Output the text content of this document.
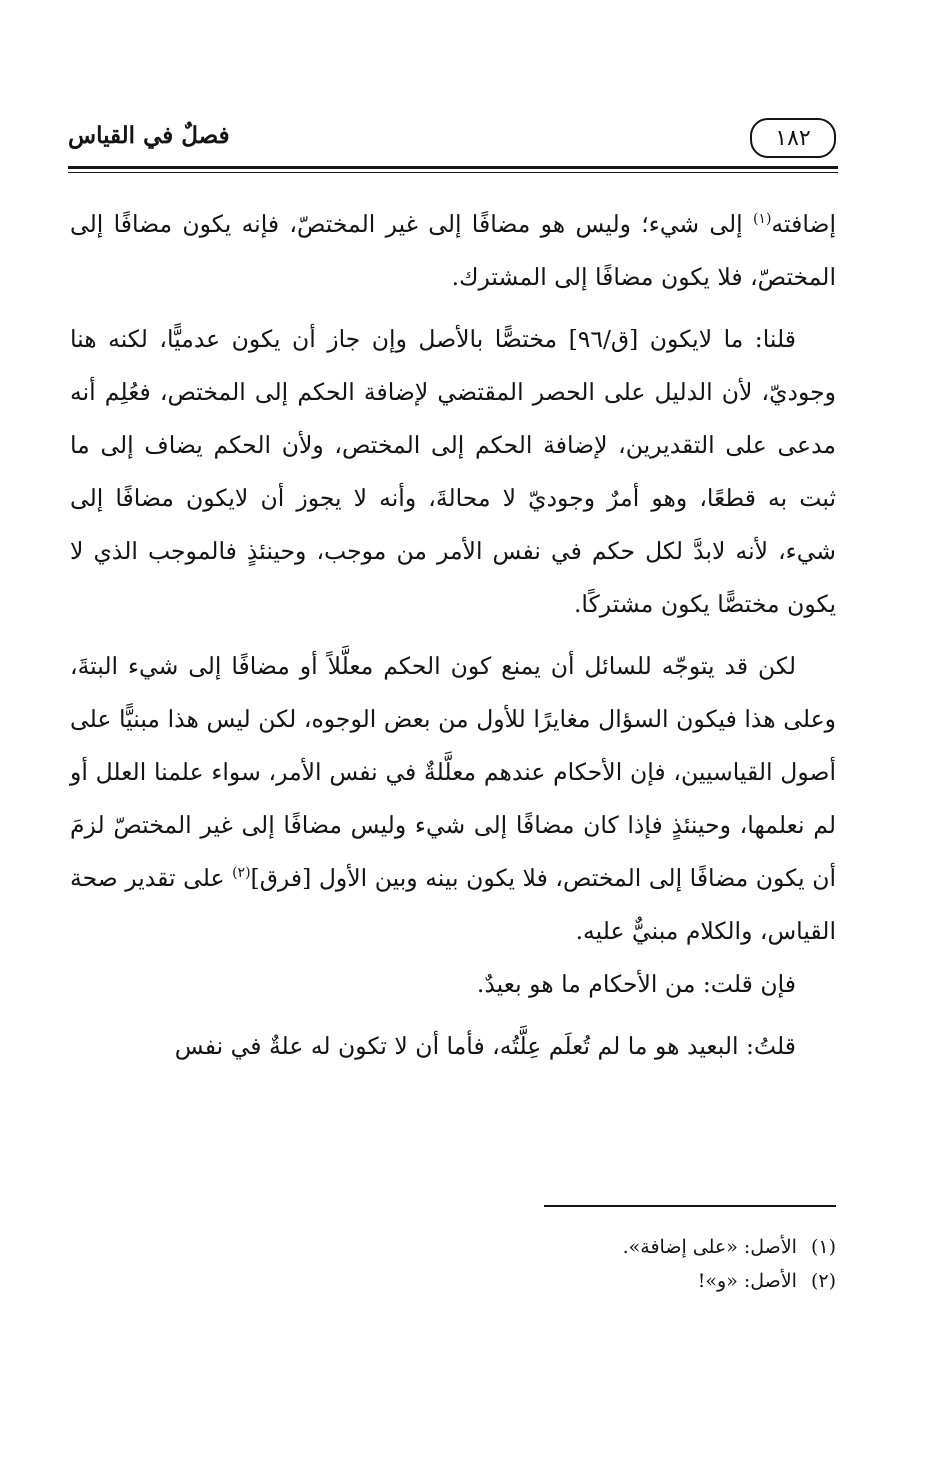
١٨٢
فصلٌ في القياس

إضافته$^{(١)}$ إلى شيء؛ وليس هو مضافًا إلى غير المختصّ، فإنه يكون مضافًا إلى المختصّ، فلا يكون مضافًا إلى المشترك.

قلنا: ما لايكون [ق/٩٦] مختصًّا بالأصل وإن جاز أن يكون عدميًّا، لكنه هنا وجوديّ، لأن الدليل على الحصر المقتضي لإضافة الحكم إلى المختص، فعُلِم أنه مدعى على التقديرين، لإضافة الحكم إلى المختص، ولأن الحكم يضاف إلى ما ثبت به قطعًا، وهو أمرٌ وجوديّ لا محالةَ، وأنه لا يجوز أن لايكون مضافًا إلى شيء، لأنه لابدَّ لكل حكم في نفس الأمر من موجب، وحينئذٍ فالموجب الذي لا يكون مختصًّا يكون مشتركًا.

لكن قد يتوجّه للسائل أن يمنع كون الحكم معلَّلاً أو مضافًا إلى شيء البتةَ، وعلى هذا فيكون السؤال مغايرًا للأول من بعض الوجوه، لكن ليس هذا مبنيًّا على أصول القياسيين، فإن الأحكام عندهم معلَّلةٌ في نفس الأمر، سواء علمنا العلل أو لم نعلمها، وحينئذٍ فإذا كان مضافًا إلى شيء وليس مضافًا إلى غير المختصّ لزمَ أن يكون مضافًا إلى المختص، فلا يكون بينه وبين الأول [فرق]$^{(٢)}$ على تقدير صحة القياس، والكلام مبنيٌّ عليه.

فإن قلت: من الأحكام ما هو بعيدٌ.

قلتُ: البعيد هو ما لم تُعلَم عِلَّتُه، فأما أن لا تكون له علةٌ في نفس

(١)الأصل: «على إضافة».

(٢)الأصل: «و»!
